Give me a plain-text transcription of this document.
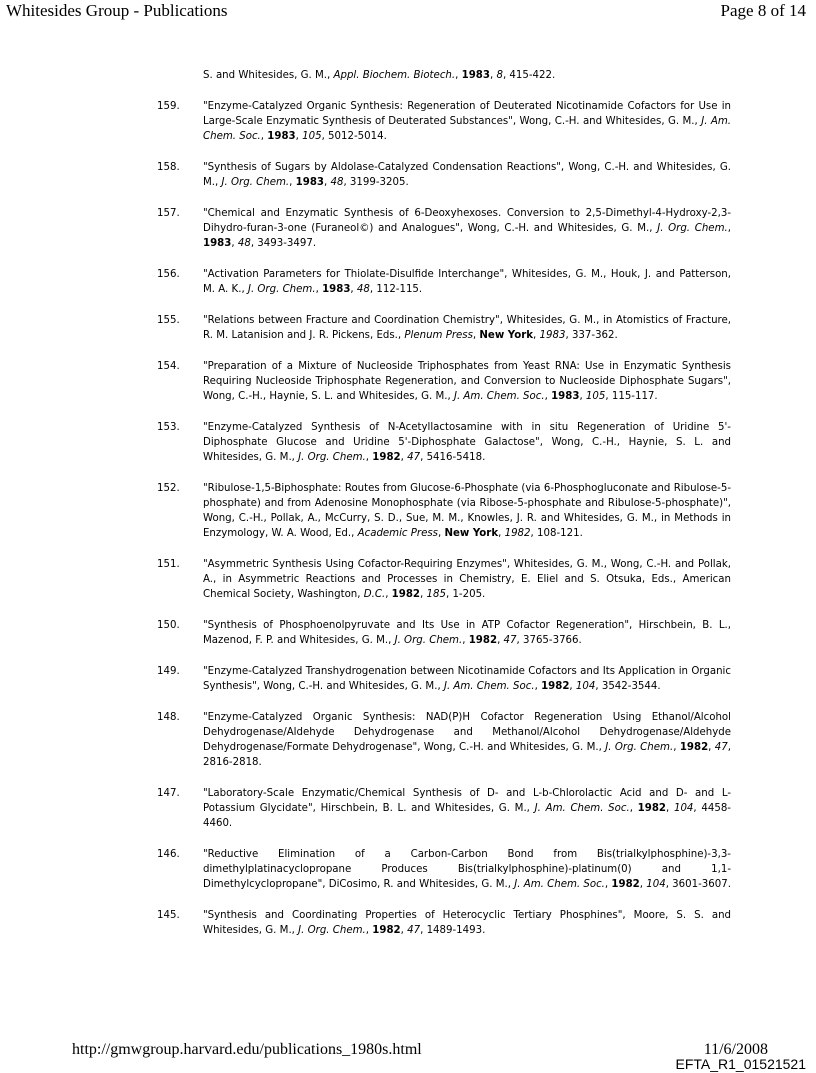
Whitesides Group - Publications	Page 8 of 14
S. and Whitesides, G. M., Appl. Biochem. Biotech., 1983, 8, 415-422.
159.	"Enzyme-Catalyzed Organic Synthesis: Regeneration of Deuterated Nicotinamide Cofactors for Use in Large-Scale Enzymatic Synthesis of Deuterated Substances", Wong, C.-H. and Whitesides, G. M., J. Am. Chem. Soc., 1983, 105, 5012-5014.
158.	"Synthesis of Sugars by Aldolase-Catalyzed Condensation Reactions", Wong, C.-H. and Whitesides, G. M., J. Org. Chem., 1983, 48, 3199-3205.
157.	"Chemical and Enzymatic Synthesis of 6-Deoxyhexoses. Conversion to 2,5-Dimethyl-4-Hydroxy-2,3-Dihydro-furan-3-one (Furaneol©) and Analogues", Wong, C.-H. and Whitesides, G. M., J. Org. Chem., 1983, 48, 3493-3497.
156.	"Activation Parameters for Thiolate-Disulfide Interchange", Whitesides, G. M., Houk, J. and Patterson, M. A. K., J. Org. Chem., 1983, 48, 112-115.
155.	"Relations between Fracture and Coordination Chemistry", Whitesides, G. M., in Atomistics of Fracture, R. M. Latanision and J. R. Pickens, Eds., Plenum Press, New York, 1983, 337-362.
154.	"Preparation of a Mixture of Nucleoside Triphosphates from Yeast RNA: Use in Enzymatic Synthesis Requiring Nucleoside Triphosphate Regeneration, and Conversion to Nucleoside Diphosphate Sugars", Wong, C.-H., Haynie, S. L. and Whitesides, G. M., J. Am. Chem. Soc., 1983, 105, 115-117.
153.	"Enzyme-Catalyzed Synthesis of N-Acetyllactosamine with in situ Regeneration of Uridine 5'-Diphosphate Glucose and Uridine 5'-Diphosphate Galactose", Wong, C.-H., Haynie, S. L. and Whitesides, G. M., J. Org. Chem., 1982, 47, 5416-5418.
152.	"Ribulose-1,5-Biphosphate: Routes from Glucose-6-Phosphate (via 6-Phosphogluconate and Ribulose-5-phosphate) and from Adenosine Monophosphate (via Ribose-5-phosphate and Ribulose-5-phosphate)", Wong, C.-H., Pollak, A., McCurry, S. D., Sue, M. M., Knowles, J. R. and Whitesides, G. M., in Methods in Enzymology, W. A. Wood, Ed., Academic Press, New York, 1982, 108-121.
151.	"Asymmetric Synthesis Using Cofactor-Requiring Enzymes", Whitesides, G. M., Wong, C.-H. and Pollak, A., in Asymmetric Reactions and Processes in Chemistry, E. Eliel and S. Otsuka, Eds., American Chemical Society, Washington, D.C., 1982, 185, 1-205.
150.	"Synthesis of Phosphoenolpyruvate and Its Use in ATP Cofactor Regeneration", Hirschbein, B. L., Mazenod, F. P. and Whitesides, G. M., J. Org. Chem., 1982, 47, 3765-3766.
149.	"Enzyme-Catalyzed Transhydrogenation between Nicotinamide Cofactors and Its Application in Organic Synthesis", Wong, C.-H. and Whitesides, G. M., J. Am. Chem. Soc., 1982, 104, 3542-3544.
148.	"Enzyme-Catalyzed Organic Synthesis: NAD(P)H Cofactor Regeneration Using Ethanol/Alcohol Dehydrogenase/Aldehyde Dehydrogenase and Methanol/Alcohol Dehydrogenase/Aldehyde Dehydrogenase/Formate Dehydrogenase", Wong, C.-H. and Whitesides, G. M., J. Org. Chem., 1982, 47, 2816-2818.
147.	"Laboratory-Scale Enzymatic/Chemical Synthesis of D- and L-b-Chlorolactic Acid and D- and L-Potassium Glycidate", Hirschbein, B. L. and Whitesides, G. M., J. Am. Chem. Soc., 1982, 104, 4458-4460.
146.	"Reductive Elimination of a Carbon-Carbon Bond from Bis(trialkylphosphine)-3,3-dimethylplatinacyclopropane Produces Bis(trialkylphosphine)-platinum(0) and 1,1-Dimethylcyclopropane", DiCosimo, R. and Whitesides, G. M., J. Am. Chem. Soc., 1982, 104, 3601-3607.
145.	"Synthesis and Coordinating Properties of Heterocyclic Tertiary Phosphines", Moore, S. S. and Whitesides, G. M., J. Org. Chem., 1982, 47, 1489-1493.
http://gmwgroup.harvard.edu/publications_1980s.html	11/6/2008
EFTA_R1_01521521
